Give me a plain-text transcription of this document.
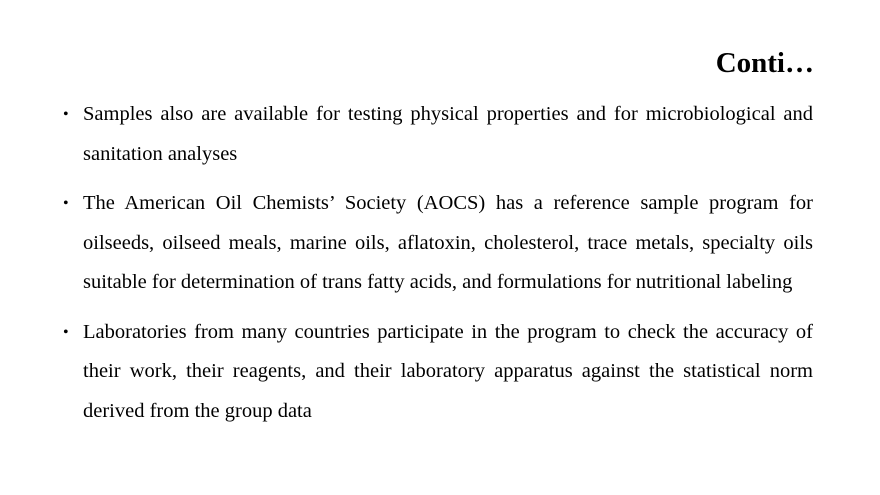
Conti…
• Samples also are available for testing physical properties and for microbiological and sanitation analyses
• The American Oil Chemists’ Society (AOCS) has a reference sample program for oilseeds, oilseed meals, marine oils, aflatoxin, cholesterol, trace metals, specialty oils suitable for determination of trans fatty acids, and formulations for nutritional labeling
• Laboratories from many countries participate in the program to check the accuracy of their work, their reagents, and their laboratory apparatus against the statistical norm derived from the group data
